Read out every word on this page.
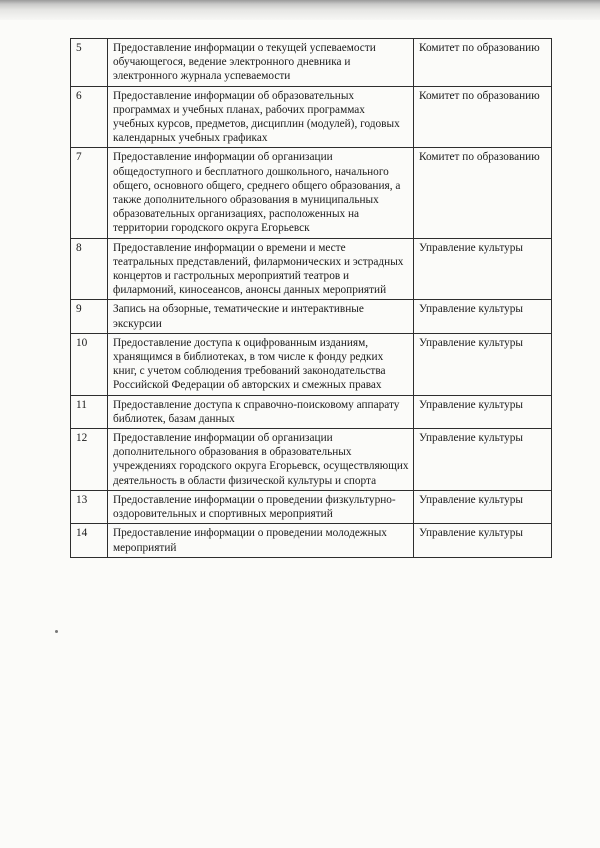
5	Предоставление информации о текущей успеваемости обучающегося, ведение электронного дневника и электронного журнала успеваемости	Комитет по образованию
6	Предоставление информации об образовательных программах и учебных планах, рабочих программах учебных курсов, предметов, дисциплин (модулей), годовых календарных учебных графиках	Комитет по образованию
7	Предоставление информации об организации общедоступного и бесплатного дошкольного, начального общего, основного общего, среднего общего образования, а также дополнительного образования в муниципальных образовательных организациях, расположенных на территории городского округа Егорьевск	Комитет по образованию
8	Предоставление информации о времени и месте театральных представлений, филармонических и эстрадных концертов и гастрольных мероприятий театров и филармоний, киносеансов, анонсы данных мероприятий	Управление культуры
9	Запись на обзорные, тематические и интерактивные экскурсии	Управление культуры
10	Предоставление доступа к оцифрованным изданиям, хранящимся в библиотеках, в том числе к фонду редких книг, с учетом соблюдения требований законодательства Российской Федерации об авторских и смежных правах	Управление культуры
11	Предоставление доступа к справочно-поисковому аппарату библиотек, базам данных	Управление культуры
12	Предоставление информации об организации дополнительного образования в образовательных учреждениях городского округа Егорьевск, осуществляющих деятельность в области физической культуры и спорта	Управление культуры
13	Предоставление информации о проведении физкультурно-оздоровительных и спортивных мероприятий	Управление культуры
14	Предоставление информации о проведении молодежных мероприятий	Управление культуры
